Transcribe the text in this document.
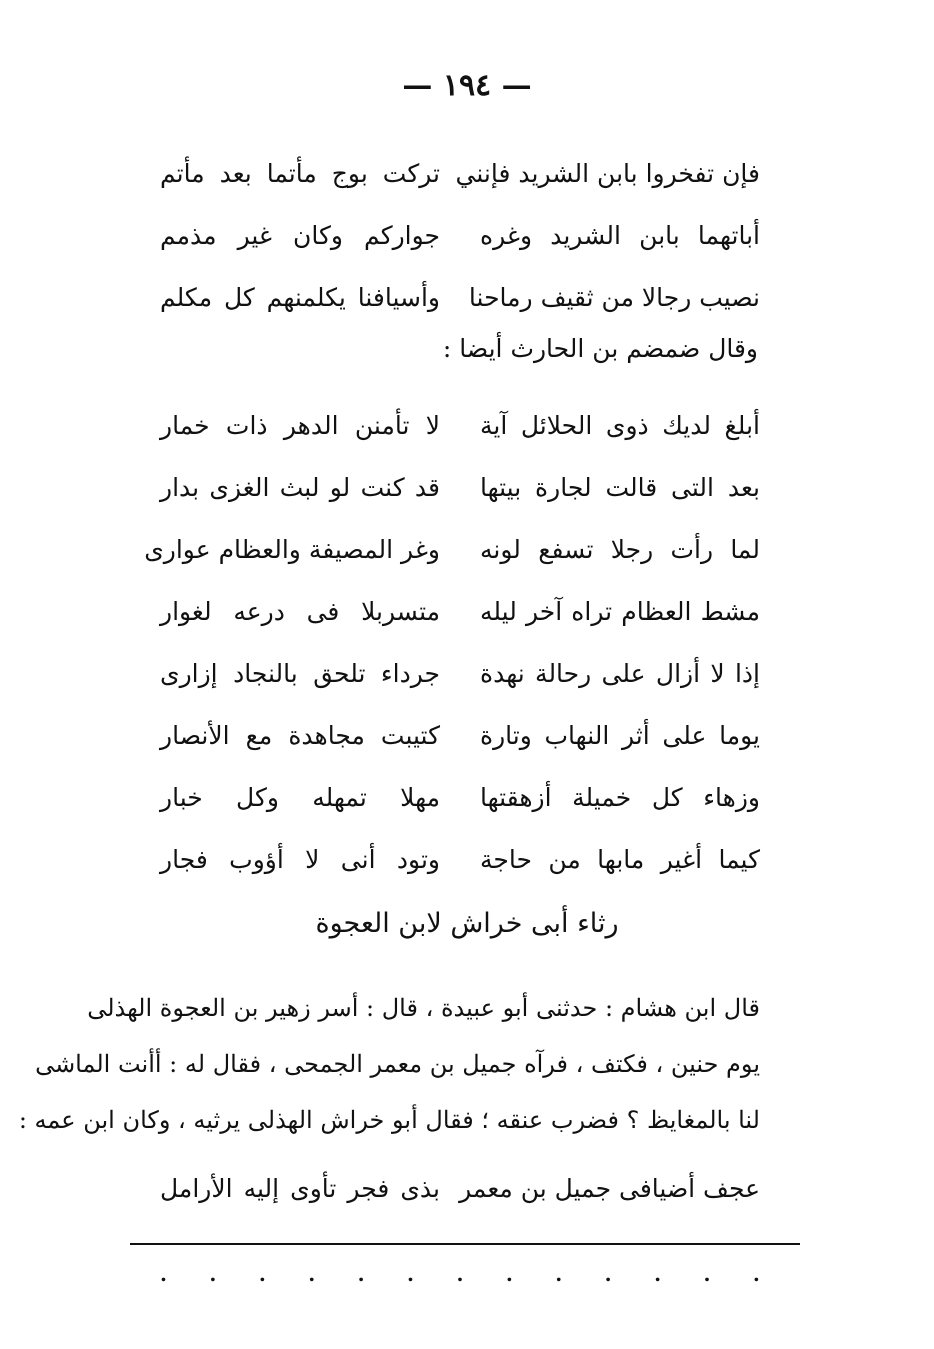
— ١٩٤ —
فإن تفخروا بابن الشريد فإنني
تركت بوج مأتما بعد مأتم
أباتهما بابن الشريد وغره
جواركم وكان غير مذمم
نصيب رجالا من ثقيف رماحنا
وأسيافنا يكلمنهم كل مكلم
وقال ضمضم بن الحارث أيضا :
أبلغ لديك ذوى الحلائل آية
لا تأمنن الدهر ذات خمار
بعد التى قالت لجارة بيتها
قد كنت لو لبث الغزى بدار
لما رأت رجلا تسفع لونه
وغر المصيفة والعظام عوارى
مشط العظام تراه آخر ليله
متسربلا فى درعه لغوار
إذا لا أزال على رحالة نهدة
جرداء تلحق بالنجاد إزارى
يوما على أثر النهاب وتارة
كتيبت مجاهدة مع الأنصار
وزهاء كل خميلة أزهقتها
مهلا تمهله وكل خبار
كيما أغير مابها من حاجة
وتود أنى لا أؤوب فجار
رثاء أبى خراش لابن العجوة
قال ابن هشام : حدثنى أبو عبيدة ، قال : أسر زهير بن العجوة الهذلى
يوم حنين ، فكتف ، فرآه جميل بن معمر الجمحى ، فقال له : أأنت الماشى
لنا بالمغايظ ؟ فضرب عنقه ؛ فقال أبو خراش الهذلى يرثيه ، وكان ابن عمه :
عجف أضيافى جميل بن معمر
بذى فجر تأوى إليه الأرامل
. . . . . . . . . . . . .
